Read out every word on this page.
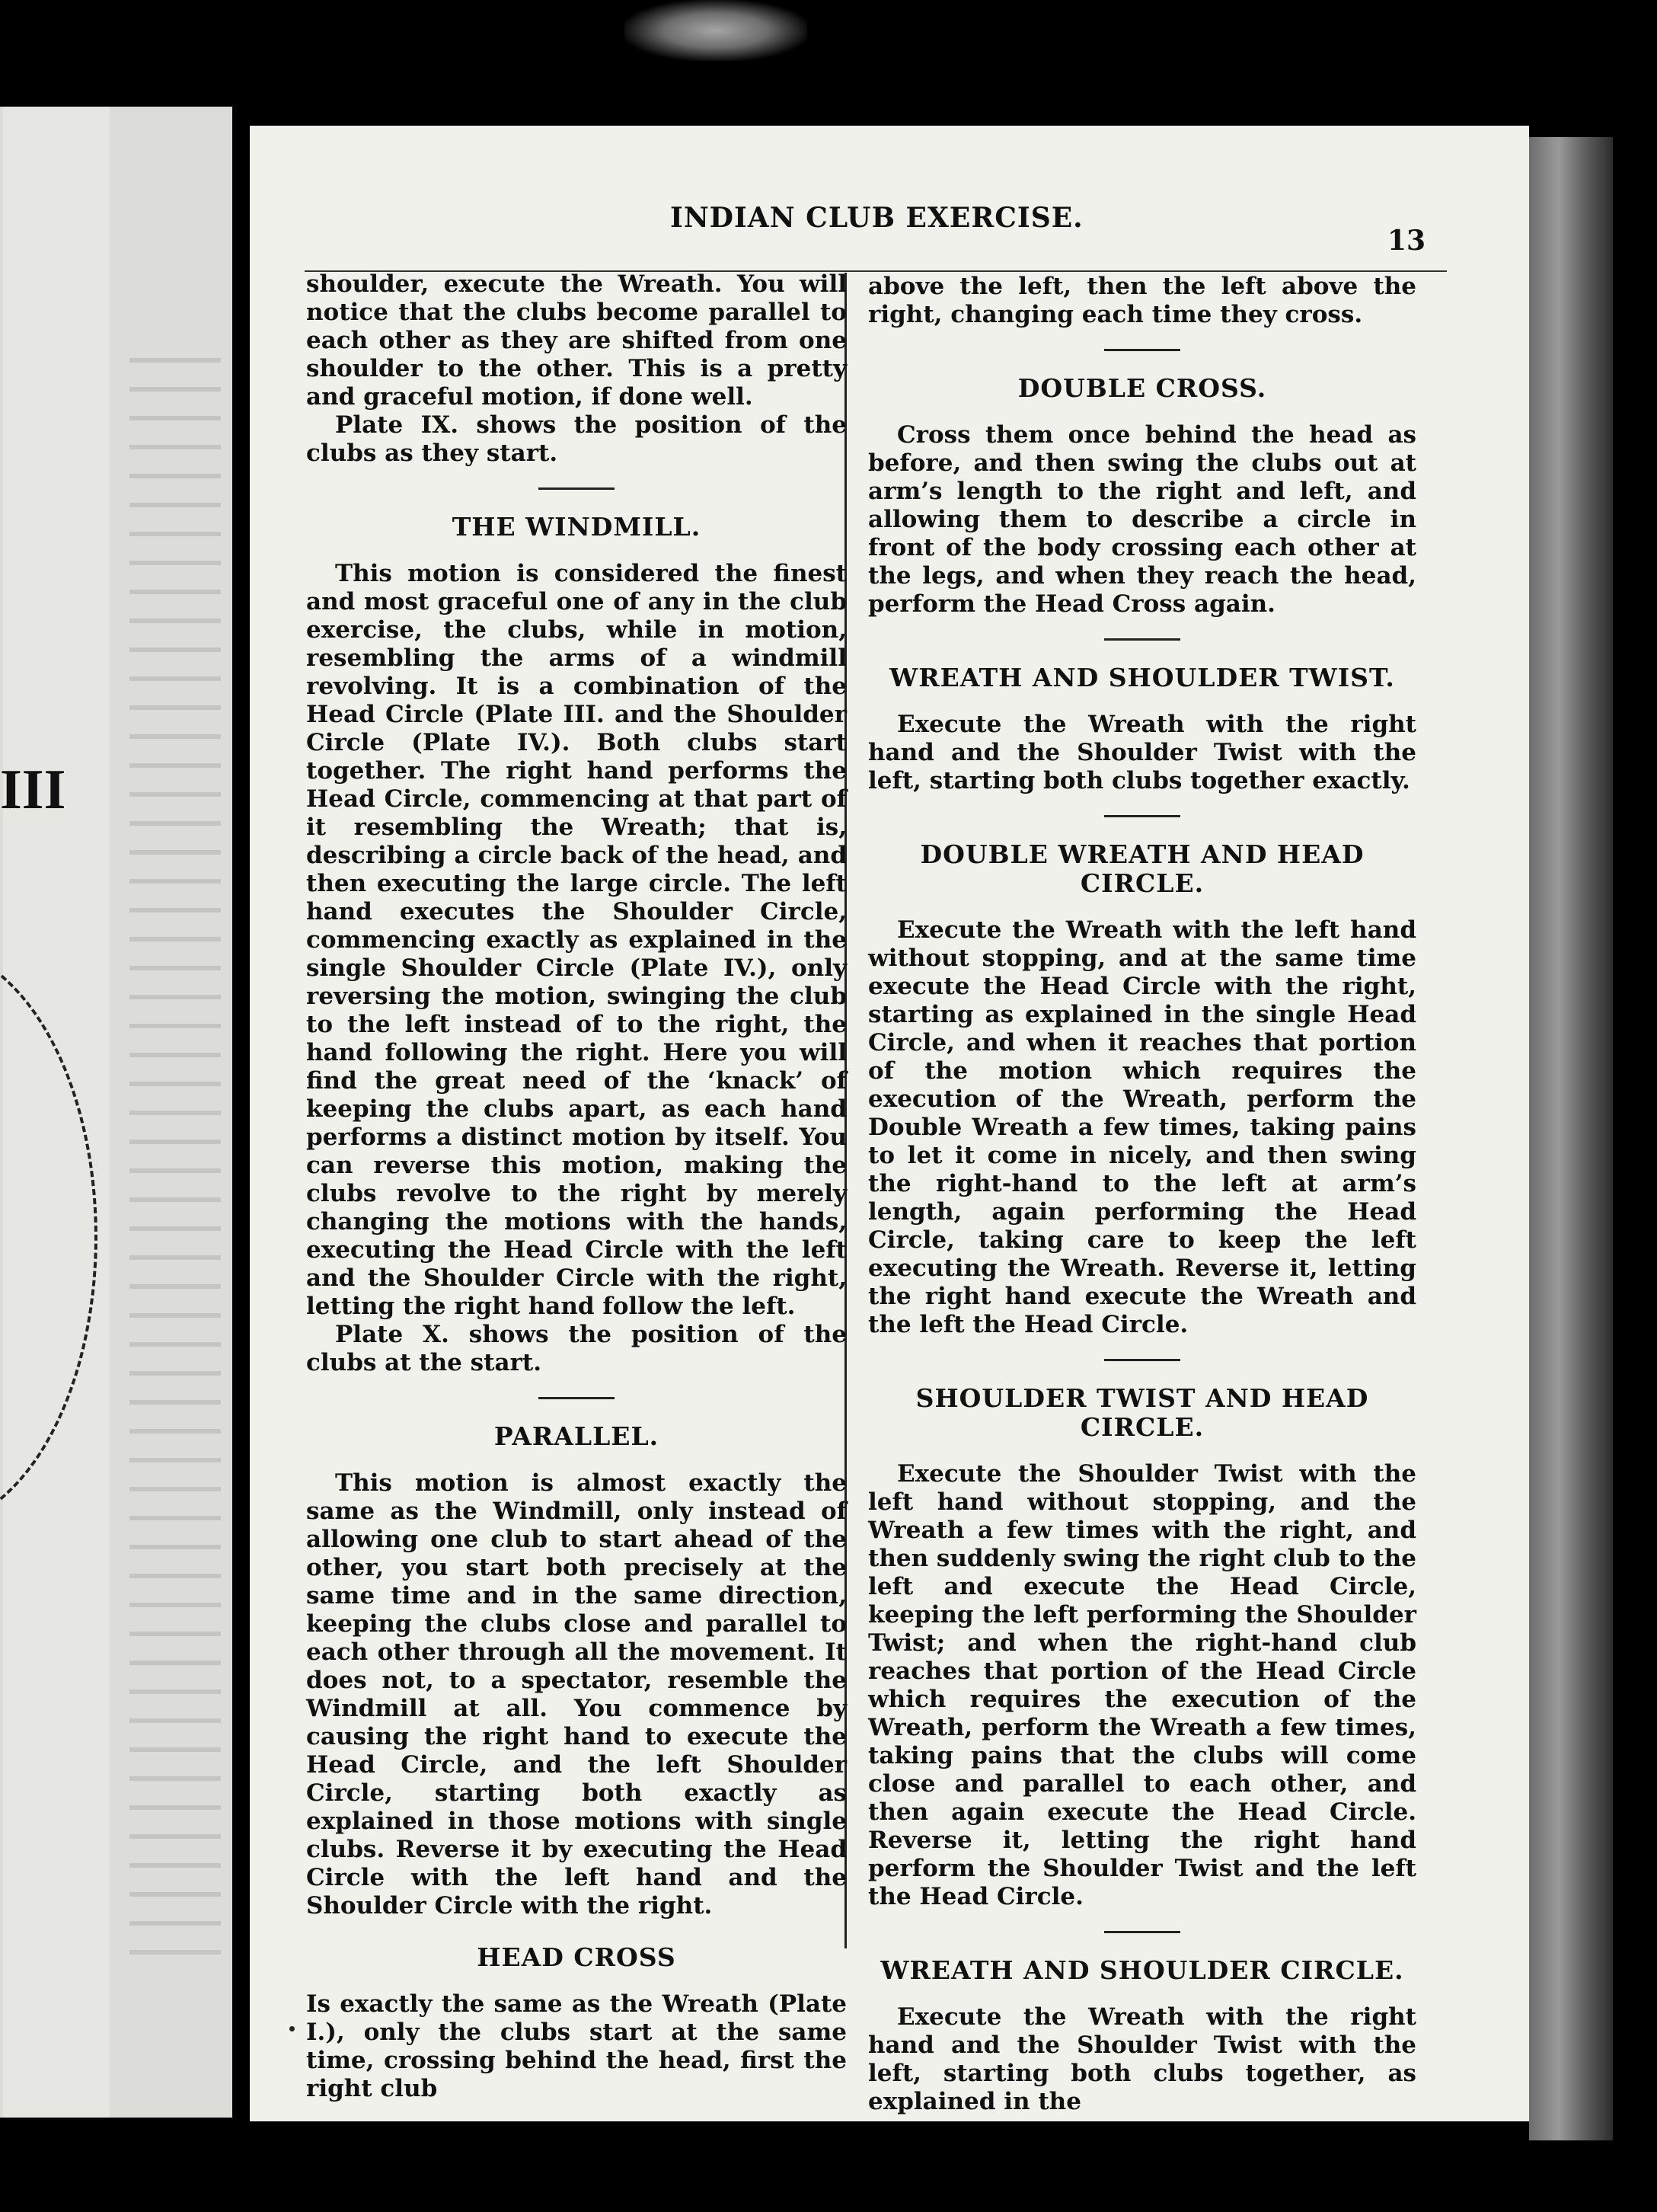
III
INDIAN CLUB EXERCISE.
13

shoulder, execute the Wreath. You will notice that the clubs become parallel to each other as they are shifted from one shoulder to the other. This is a pretty and graceful motion, if done well.

Plate IX. shows the position of the clubs as they start.

THE WINDMILL.

This motion is considered the finest and most graceful one of any in the club exercise, the clubs, while in motion, resembling the arms of a windmill revolving. It is a combination of the Head Circle (Plate III. and the Shoulder Circle (Plate IV.). Both clubs start together. The right hand performs the Head Circle, commencing at that part of it resembling the Wreath; that is, describing a circle back of the head, and then executing the large circle. The left hand executes the Shoulder Circle, commencing exactly as explained in the single Shoulder Circle (Plate IV.), only reversing the motion, swinging the club to the left instead of to the right, the hand following the right. Here you will find the great need of the ‘knack’ of keeping the clubs apart, as each hand performs a distinct motion by itself. You can reverse this motion, making the clubs revolve to the right by merely changing the motions with the hands, executing the Head Circle with the left and the Shoulder Circle with the right, letting the right hand follow the left.

Plate X. shows the position of the clubs at the start.

PARALLEL.

This motion is almost exactly the same as the Windmill, only instead of allowing one club to start ahead of the other, you start both precisely at the same time and in the same direction, keeping the clubs close and parallel to each other through all the movement. It does not, to a spectator, resemble the Windmill at all. You commence by causing the right hand to execute the Head Circle, and the left Shoulder Circle, starting both exactly as explained in those motions with single clubs. Reverse it by executing the Head Circle with the left hand and the Shoulder Circle with the right.

HEAD CROSS

Is exactly the same as the Wreath (Plate I.), only the clubs start at the same time, crossing behind the head, first the right club

above the left, then the left above the right, changing each time they cross.

DOUBLE CROSS.

Cross them once behind the head as before, and then swing the clubs out at arm’s length to the right and left, and allowing them to describe a circle in front of the body crossing each other at the legs, and when they reach the head, perform the Head Cross again.

WREATH AND SHOULDER TWIST.

Execute the Wreath with the right hand and the Shoulder Twist with the left, starting both clubs together exactly.

DOUBLE WREATH AND HEAD CIRCLE.

Execute the Wreath with the left hand without stopping, and at the same time execute the Head Circle with the right, starting as explained in the single Head Circle, and when it reaches that portion of the motion which requires the execution of the Wreath, perform the Double Wreath a few times, taking pains to let it come in nicely, and then swing the right-hand to the left at arm’s length, again performing the Head Circle, taking care to keep the left executing the Wreath. Reverse it, letting the right hand execute the Wreath and the left the Head Circle.

SHOULDER TWIST AND HEAD CIRCLE.

Execute the Shoulder Twist with the left hand without stopping, and the Wreath a few times with the right, and then suddenly swing the right club to the left and execute the Head Circle, keeping the left performing the Shoulder Twist; and when the right-hand club reaches that portion of the Head Circle which requires the execution of the Wreath, perform the Wreath a few times, taking pains that the clubs will come close and parallel to each other, and then again execute the Head Circle. Reverse it, letting the right hand perform the Shoulder Twist and the left the Head Circle.

WREATH AND SHOULDER CIRCLE.

Execute the Wreath with the right hand and the Shoulder Twist with the left, starting both clubs together, as explained in the
